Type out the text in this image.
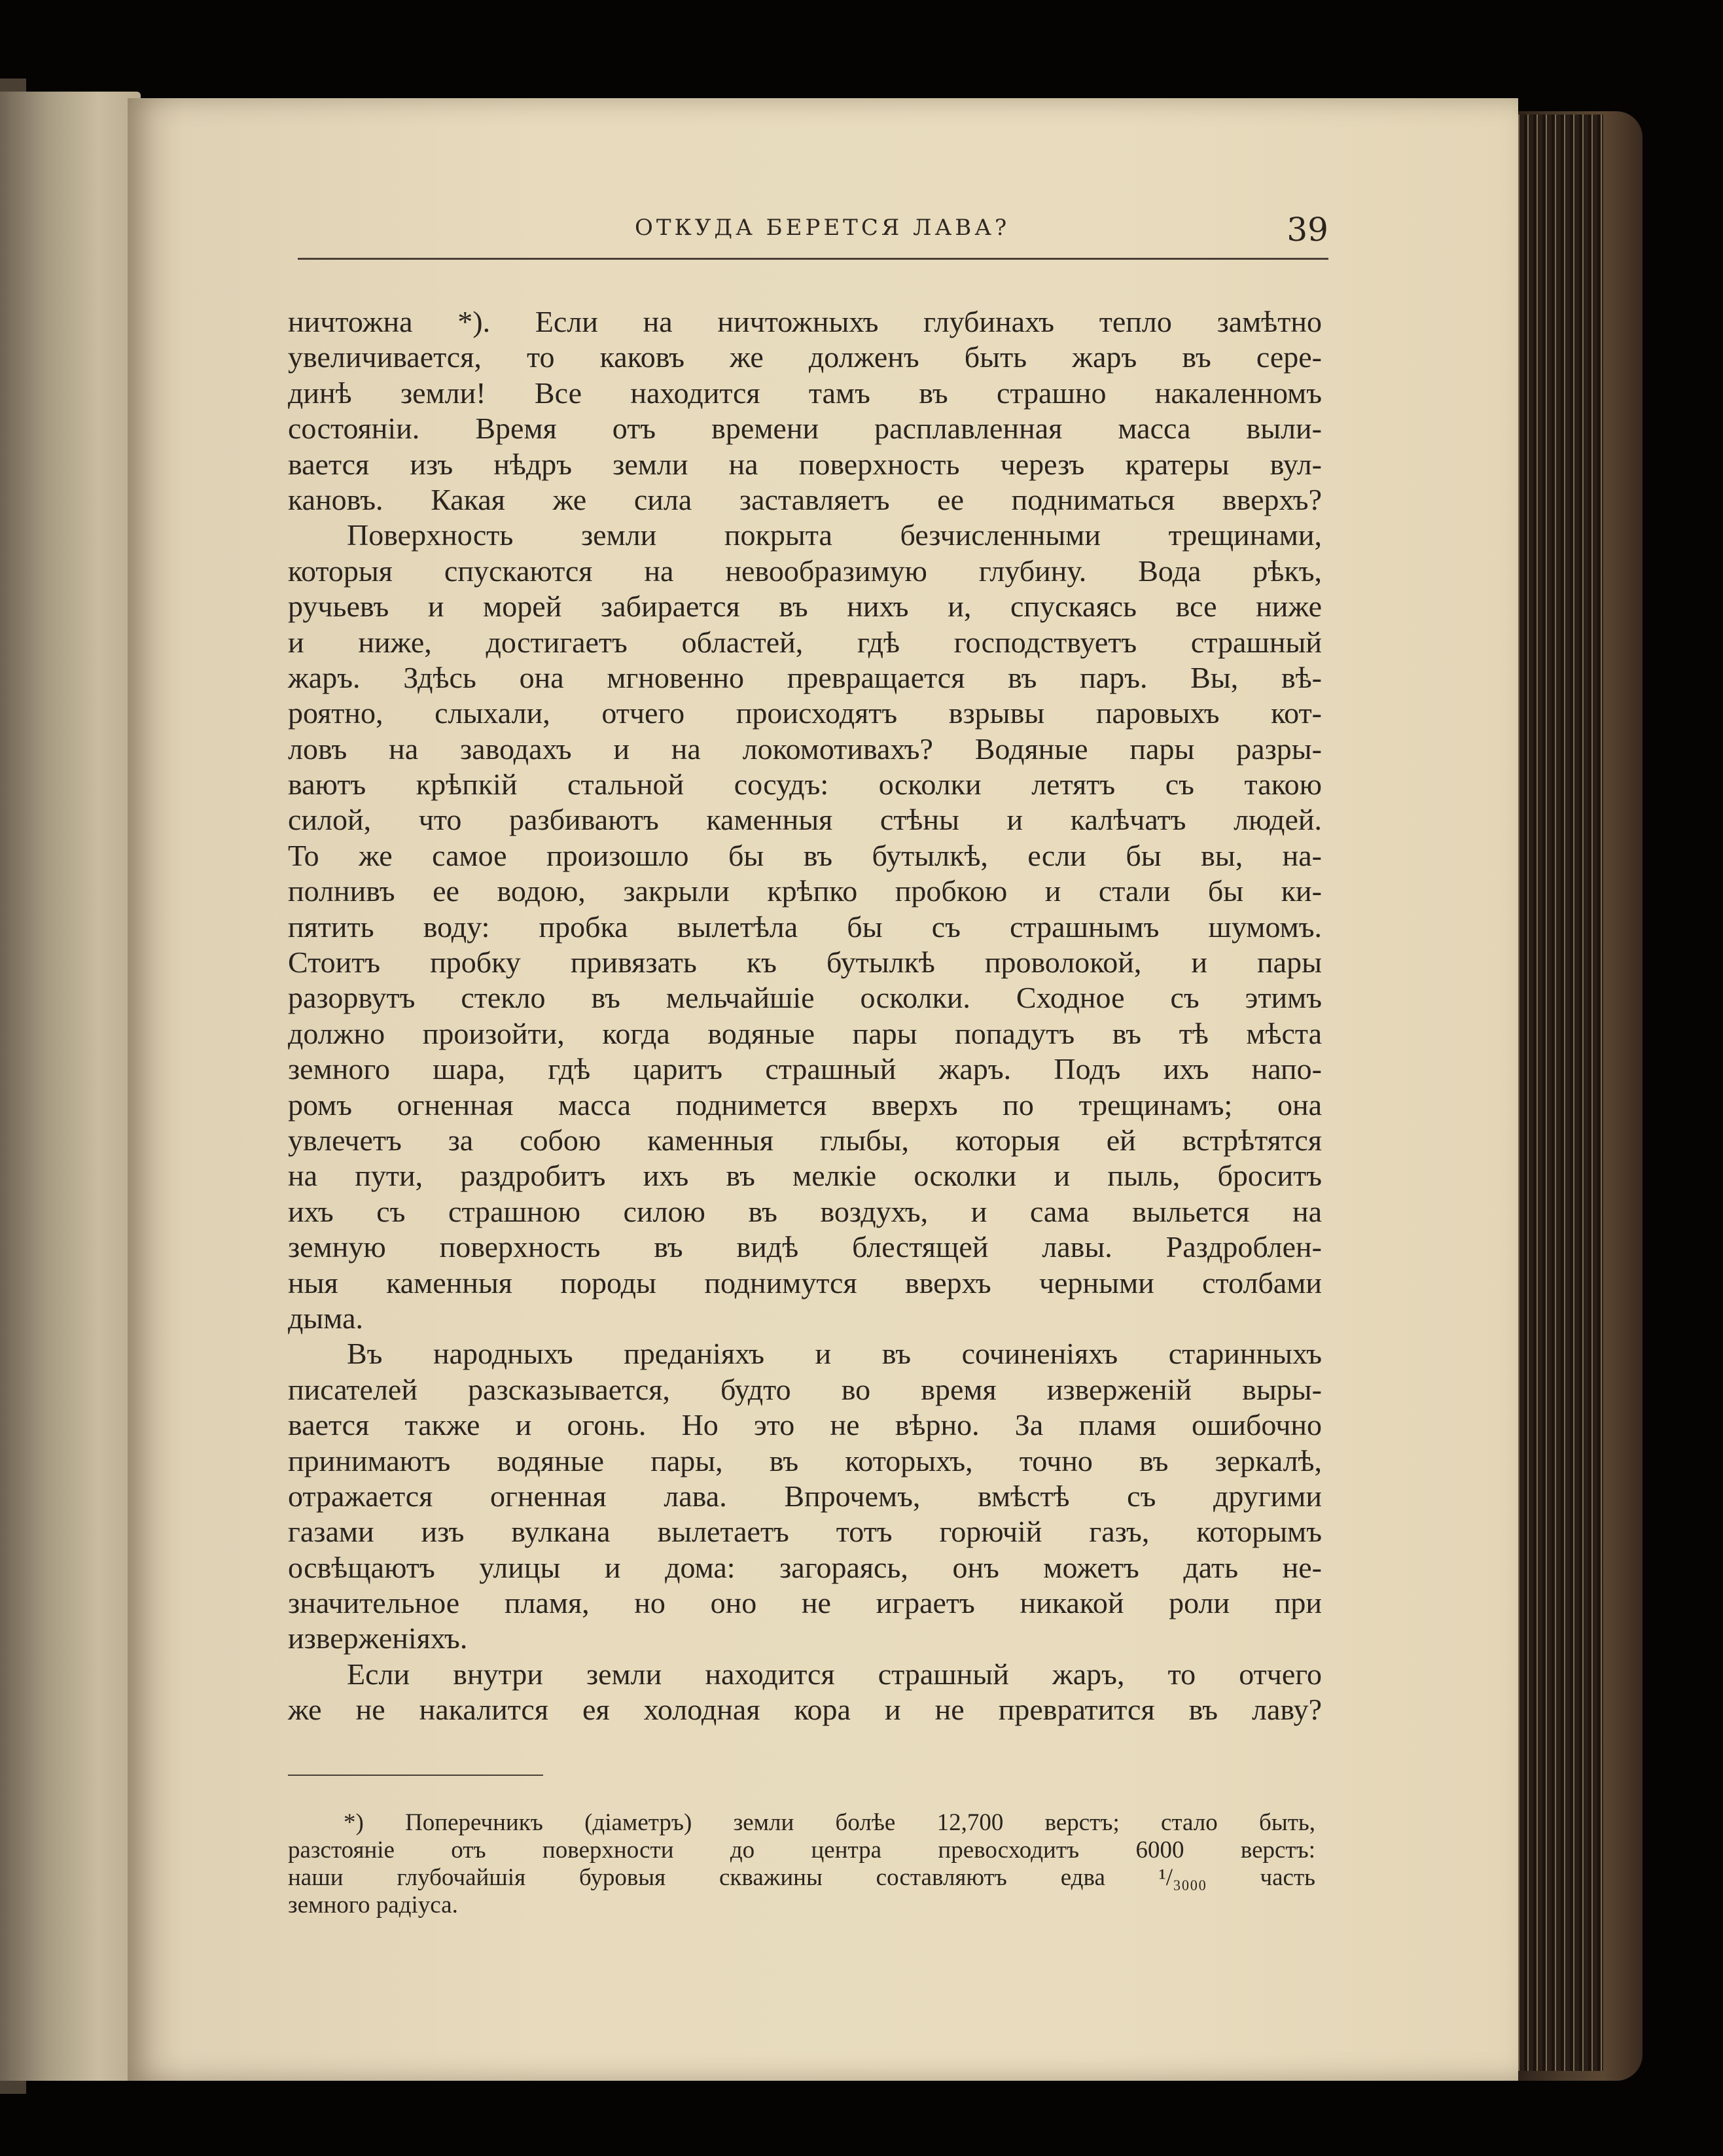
ОТКУДА БЕРЕТСЯ ЛАВА?	39
ничтожна *). Если на ничтожныхъ глубинахъ тепло замѣтно
увеличивается, то каковъ же долженъ быть жаръ въ сере-
динѣ земли! Все находится тамъ въ страшно накаленномъ
состояніи. Время отъ времени расплавленная масса выли-
вается изъ нѣдръ земли на поверхность черезъ кратеры вул-
кановъ. Какая же сила заставляетъ ее подниматься вверхъ?
Поверхность земли покрыта безчисленными трещинами,
которыя спускаются на невообразимую глубину. Вода рѣкъ,
ручьевъ и морей забирается въ нихъ и, спускаясь все ниже
и ниже, достигаетъ областей, гдѣ господствуетъ страшный
жаръ. Здѣсь она мгновенно превращается въ паръ. Вы, вѣ-
роятно, слыхали, отчего происходятъ взрывы паровыхъ кот-
ловъ на заводахъ и на локомотивахъ? Водяные пары разры-
ваютъ крѣпкій стальной сосудъ: осколки летятъ съ такою
силой, что разбиваютъ каменныя стѣны и калѣчатъ людей.
То же самое произошло бы въ бутылкѣ, если бы вы, на-
полнивъ ее водою, закрыли крѣпко пробкою и стали бы ки-
пятить воду: пробка вылетѣла бы съ страшнымъ шумомъ.
Стоитъ пробку привязать къ бутылкѣ проволокой, и пары
разорвутъ стекло въ мельчайшіе осколки. Сходное съ этимъ
должно произойти, когда водяные пары попадутъ въ тѣ мѣста
земного шара, гдѣ царитъ страшный жаръ. Подъ ихъ напо-
ромъ огненная масса поднимется вверхъ по трещинамъ; она
увлечетъ за собою каменныя глыбы, которыя ей встрѣтятся
на пути, раздробитъ ихъ въ мелкіе осколки и пыль, броситъ
ихъ съ страшною силою въ воздухъ, и сама выльется на
земную поверхность въ видѣ блестящей лавы. Раздроблен-
ныя каменныя породы поднимутся вверхъ черными столбами
дыма.
Въ народныхъ преданіяхъ и въ сочиненіяхъ старинныхъ
писателей разсказывается, будто во время изверженій выры-
вается также и огонь. Но это не вѣрно. За пламя ошибочно
принимаютъ водяные пары, въ которыхъ, точно въ зеркалѣ,
отражается огненная лава. Впрочемъ, вмѣстѣ съ другими
газами изъ вулкана вылетаетъ тотъ горючій газъ, которымъ
освѣщаютъ улицы и дома: загораясь, онъ можетъ дать не-
значительное пламя, но оно не играетъ никакой роли при
изверженіяхъ.
Если внутри земли находится страшный жаръ, то отчего
же не накалится ея холодная кора и не превратится въ лаву?
*) Поперечникъ (діаметръ) земли болѣе 12,700 верстъ; стало быть,
разстояніе отъ поверхности до центра превосходитъ 6000 верстъ:
наши глубочайшія буровыя скважины составляютъ едва ¹/₃₀₀₀ часть
земного радіуса.
